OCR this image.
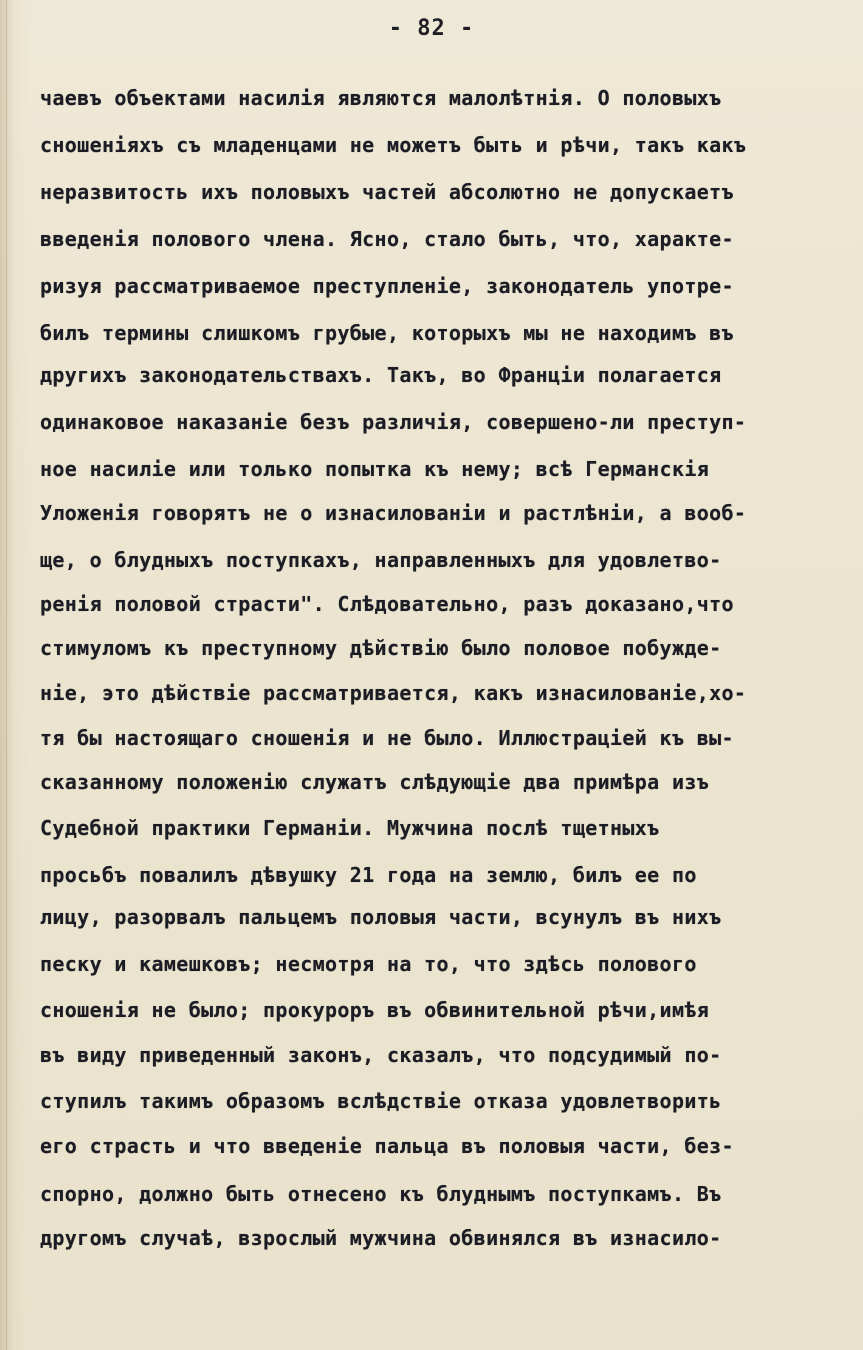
- 82 -
чаевъ объектами насилія являются малолѣтнія. О половыхъ
сношеніяхъ съ младенцами не можетъ быть и рѣчи, такъ какъ
неразвитость ихъ половыхъ частей абсолютно не допускаетъ
введенія полового члена. Ясно, стало быть, что, характе-
ризуя рассматриваемое преступленіе, законодатель употре-
билъ термины слишкомъ грубые, которыхъ мы не находимъ въ
другихъ законодательствахъ. Такъ, во Франціи полагается
одинаковое наказаніе безъ различія, совершено-ли преступ-
ное насиліе или только попытка къ нему; всѣ Германскія
Уложенія говорятъ не о изнасилованіи и растлѣніи, а вооб-
ще, о блудныхъ поступкахъ, направленныхъ для удовлетво-
ренія половой страсти". Слѣдовательно, разъ доказано,что
стимуломъ къ преступному дѣйствію было половое побужде-
ніе, это дѣйствіе рассматривается, какъ изнасилованіе,хо-
тя бы настоящаго сношенія и не было. Иллюстраціей къ вы-
сказанному положенію служатъ слѣдующіе два примѣра изъ
Судебной практики Германіи. Мужчина послѣ тщетныхъ
просьбъ повалилъ дѣвушку 21 года на землю, билъ ее по
лицу, разорвалъ пальцемъ половыя части, всунулъ въ нихъ
песку и камешковъ; несмотря на то, что здѣсь полового
сношенія не было; прокуроръ въ обвинительной рѣчи,имѣя
въ виду приведенный законъ, сказалъ, что подсудимый по-
ступилъ такимъ образомъ вслѣдствіе отказа удовлетворить
его страсть и что введеніе пальца въ половыя части, без-
спорно, должно быть отнесено къ блуднымъ поступкамъ. Въ
другомъ случаѣ, взрослый мужчина обвинялся въ изнасило-
